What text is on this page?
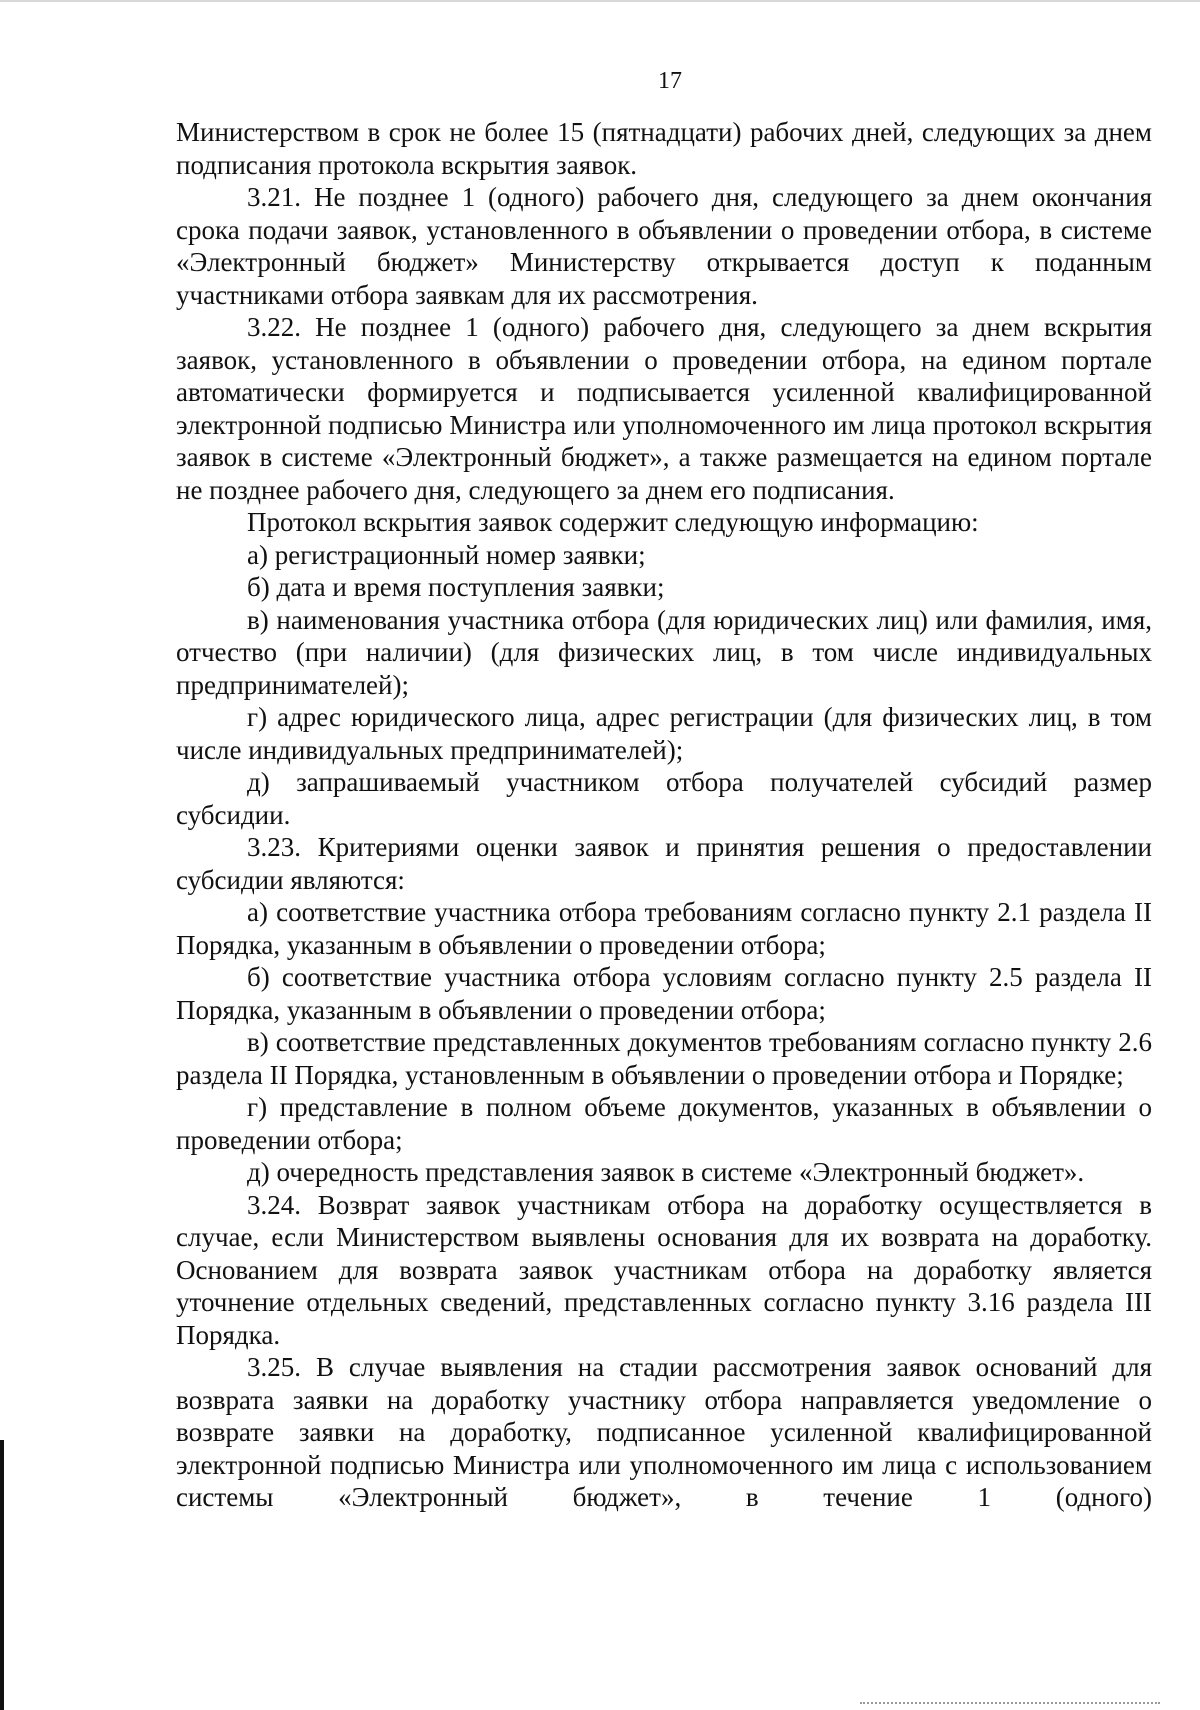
17

Министерством в срок не более 15 (пятнадцати) рабочих дней, следующих за днем подписания протокола вскрытия заявок.

3.21. Не позднее 1 (одного) рабочего дня, следующего за днем окончания срока подачи заявок, установленного в объявлении о проведении отбора, в системе «Электронный бюджет» Министерству открывается доступ к поданным участниками отбора заявкам для их рассмотрения.

3.22. Не позднее 1 (одного) рабочего дня, следующего за днем вскрытия заявок, установленного в объявлении о проведении отбора, на едином портале автоматически формируется и подписывается усиленной квалифицированной электронной подписью Министра или уполномоченного им лица протокол вскрытия заявок в системе «Электронный бюджет», а также размещается на едином портале не позднее рабочего дня, следующего за днем его подписания.

Протокол вскрытия заявок содержит следующую информацию:

а) регистрационный номер заявки;

б) дата и время поступления заявки;

в) наименования участника отбора (для юридических лиц) или фамилия, имя, отчество (при наличии) (для физических лиц, в том числе индивидуальных предпринимателей);

г) адрес юридического лица, адрес регистрации (для физических лиц, в том числе индивидуальных предпринимателей);

д) запрашиваемый участником отбора получателей субсидий размер субсидии.

3.23. Критериями оценки заявок и принятия решения о предоставлении субсидии являются:

а) соответствие участника отбора требованиям согласно пункту 2.1 раздела II Порядка, указанным в объявлении о проведении отбора;

б) соответствие участника отбора условиям согласно пункту 2.5 раздела II Порядка, указанным в объявлении о проведении отбора;

в) соответствие представленных документов требованиям согласно пункту 2.6 раздела II Порядка, установленным в объявлении о проведении отбора и Порядке;

г) представление в полном объеме документов, указанных в объявлении о проведении отбора;

д) очередность представления заявок в системе «Электронный бюджет».

3.24. Возврат заявок участникам отбора на доработку осуществляется в случае, если Министерством выявлены основания для их возврата на доработку. Основанием для возврата заявок участникам отбора на доработку является уточнение отдельных сведений, представленных согласно пункту 3.16 раздела III Порядка.

3.25. В случае выявления на стадии рассмотрения заявок оснований для возврата заявки на доработку участнику отбора направляется уведомление о возврате заявки на доработку, подписанное усиленной квалифицированной электронной подписью Министра или уполномоченного им лица с использованием системы «Электронный бюджет», в течение 1 (одного)
